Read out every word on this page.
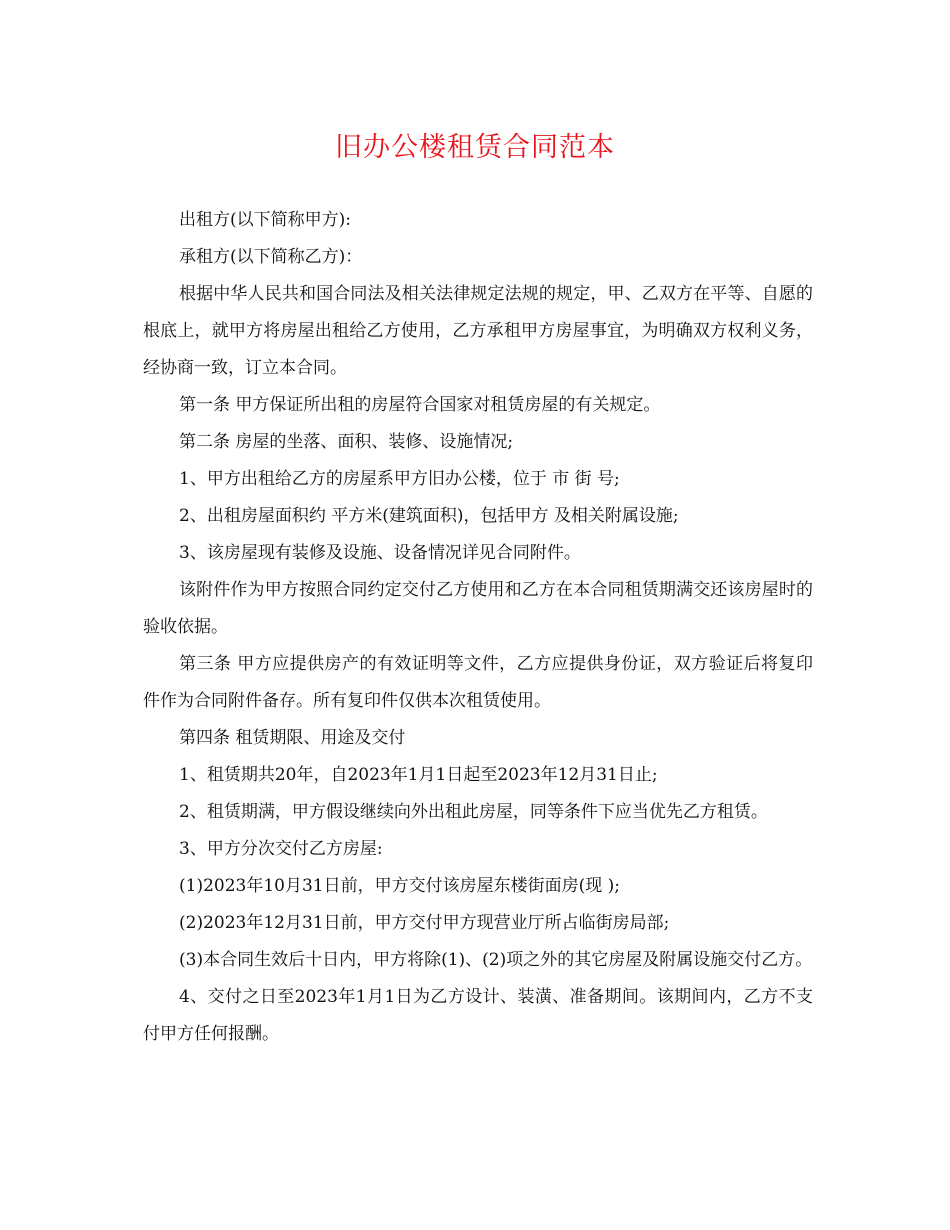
旧办公楼租赁合同范本

出租方(以下简称甲方):

承租方(以下简称乙方)：

根据中华人民共和国合同法及相关法律规定法规的规定，甲、乙双方在平等、自愿的根底上，就甲方将房屋出租给乙方使用，乙方承租甲方房屋事宜，为明确双方权利义务，经协商一致，订立本合同。

第一条 甲方保证所出租的房屋符合国家对租赁房屋的有关规定。

第二条 房屋的坐落、面积、装修、设施情况;

1、甲方出租给乙方的房屋系甲方旧办公楼，位于 市 街 号;

2、出租房屋面积约 平方米(建筑面积)，包括甲方 及相关附属设施;

3、该房屋现有装修及设施、设备情况详见合同附件。

该附件作为甲方按照合同约定交付乙方使用和乙方在本合同租赁期满交还该房屋时的验收依据。

第三条 甲方应提供房产的有效证明等文件，乙方应提供身份证，双方验证后将复印件作为合同附件备存。所有复印件仅供本次租赁使用。

第四条 租赁期限、用途及交付

1、租赁期共20年，自2023年1月1日起至2023年12月31日止;

2、租赁期满，甲方假设继续向外出租此房屋，同等条件下应当优先乙方租赁。

3、甲方分次交付乙方房屋:

(1)2023年10月31日前，甲方交付该房屋东楼街面房(现 );

(2)2023年12月31日前，甲方交付甲方现营业厅所占临街房局部;

(3)本合同生效后十日内，甲方将除(1)、(2)项之外的其它房屋及附属设施交付乙方。

4、交付之日至2023年1月1日为乙方设计、装潢、准备期间。该期间内，乙方不支付甲方任何报酬。
